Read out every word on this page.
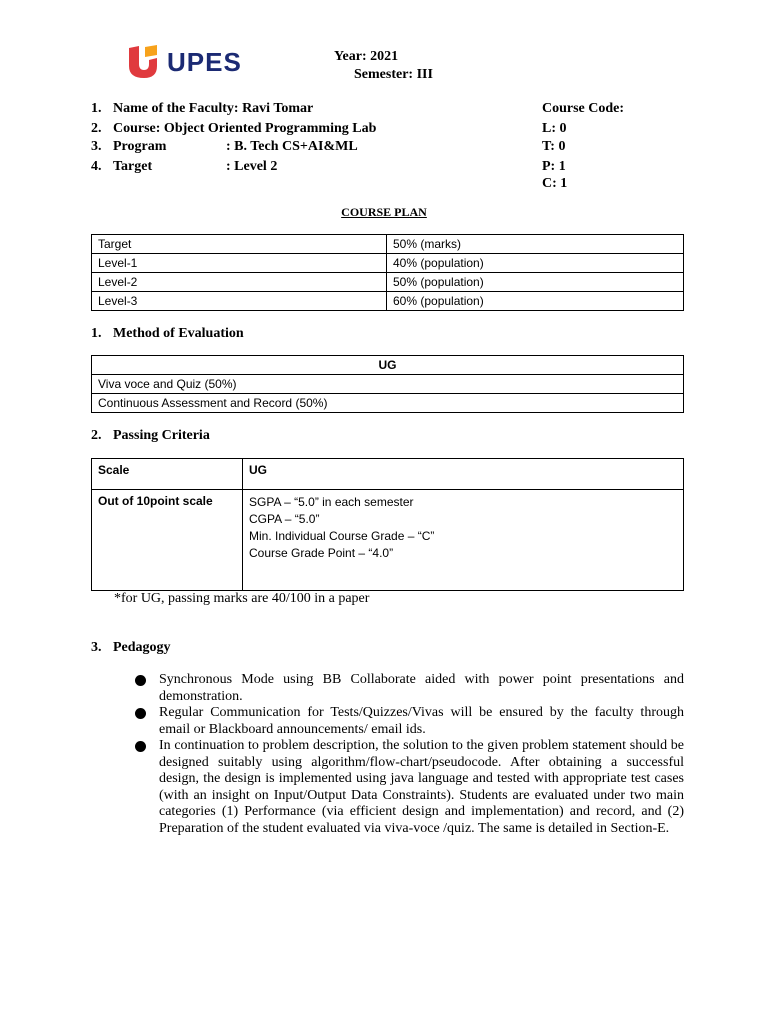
UPES	Year: 2021
Semester: III
1. Name of the Faculty: Ravi Tomar
2. Course: Object Oriented Programming Lab
3. Program	: B. Tech CS+AI&ML
4. Target	: Level 2
Course Code:
L: 0
T: 0
P: 1
C: 1
COURSE PLAN
Target	50% (marks)
Level-1	40% (population)
Level-2	50% (population)
Level-3	60% (population)
1. Method of Evaluation
UG
Viva voce and Quiz (50%)
Continuous Assessment and Record (50%)
2. Passing Criteria
Scale	UG
Out of 10point scale	SGPA – “5.0” in each semester
CGPA – “5.0”
Min. Individual Course Grade – “C”
Course Grade Point – “4.0”
*for UG, passing marks are 40/100 in a paper
3. Pedagogy
Synchronous Mode using BB Collaborate aided with power point presentations and demonstration.
Regular Communication for Tests/Quizzes/Vivas will be ensured by the faculty through email or Blackboard announcements/ email ids.
In continuation to problem description, the solution to the given problem statement should be designed suitably using algorithm/flow-chart/pseudocode. After obtaining a successful design, the design is implemented using java language and tested with appropriate test cases (with an insight on Input/Output Data Constraints). Students are evaluated under two main categories (1) Performance (via efficient design and implementation) and record, and (2) Preparation of the student evaluated via viva-voce /quiz. The same is detailed in Section-E.
